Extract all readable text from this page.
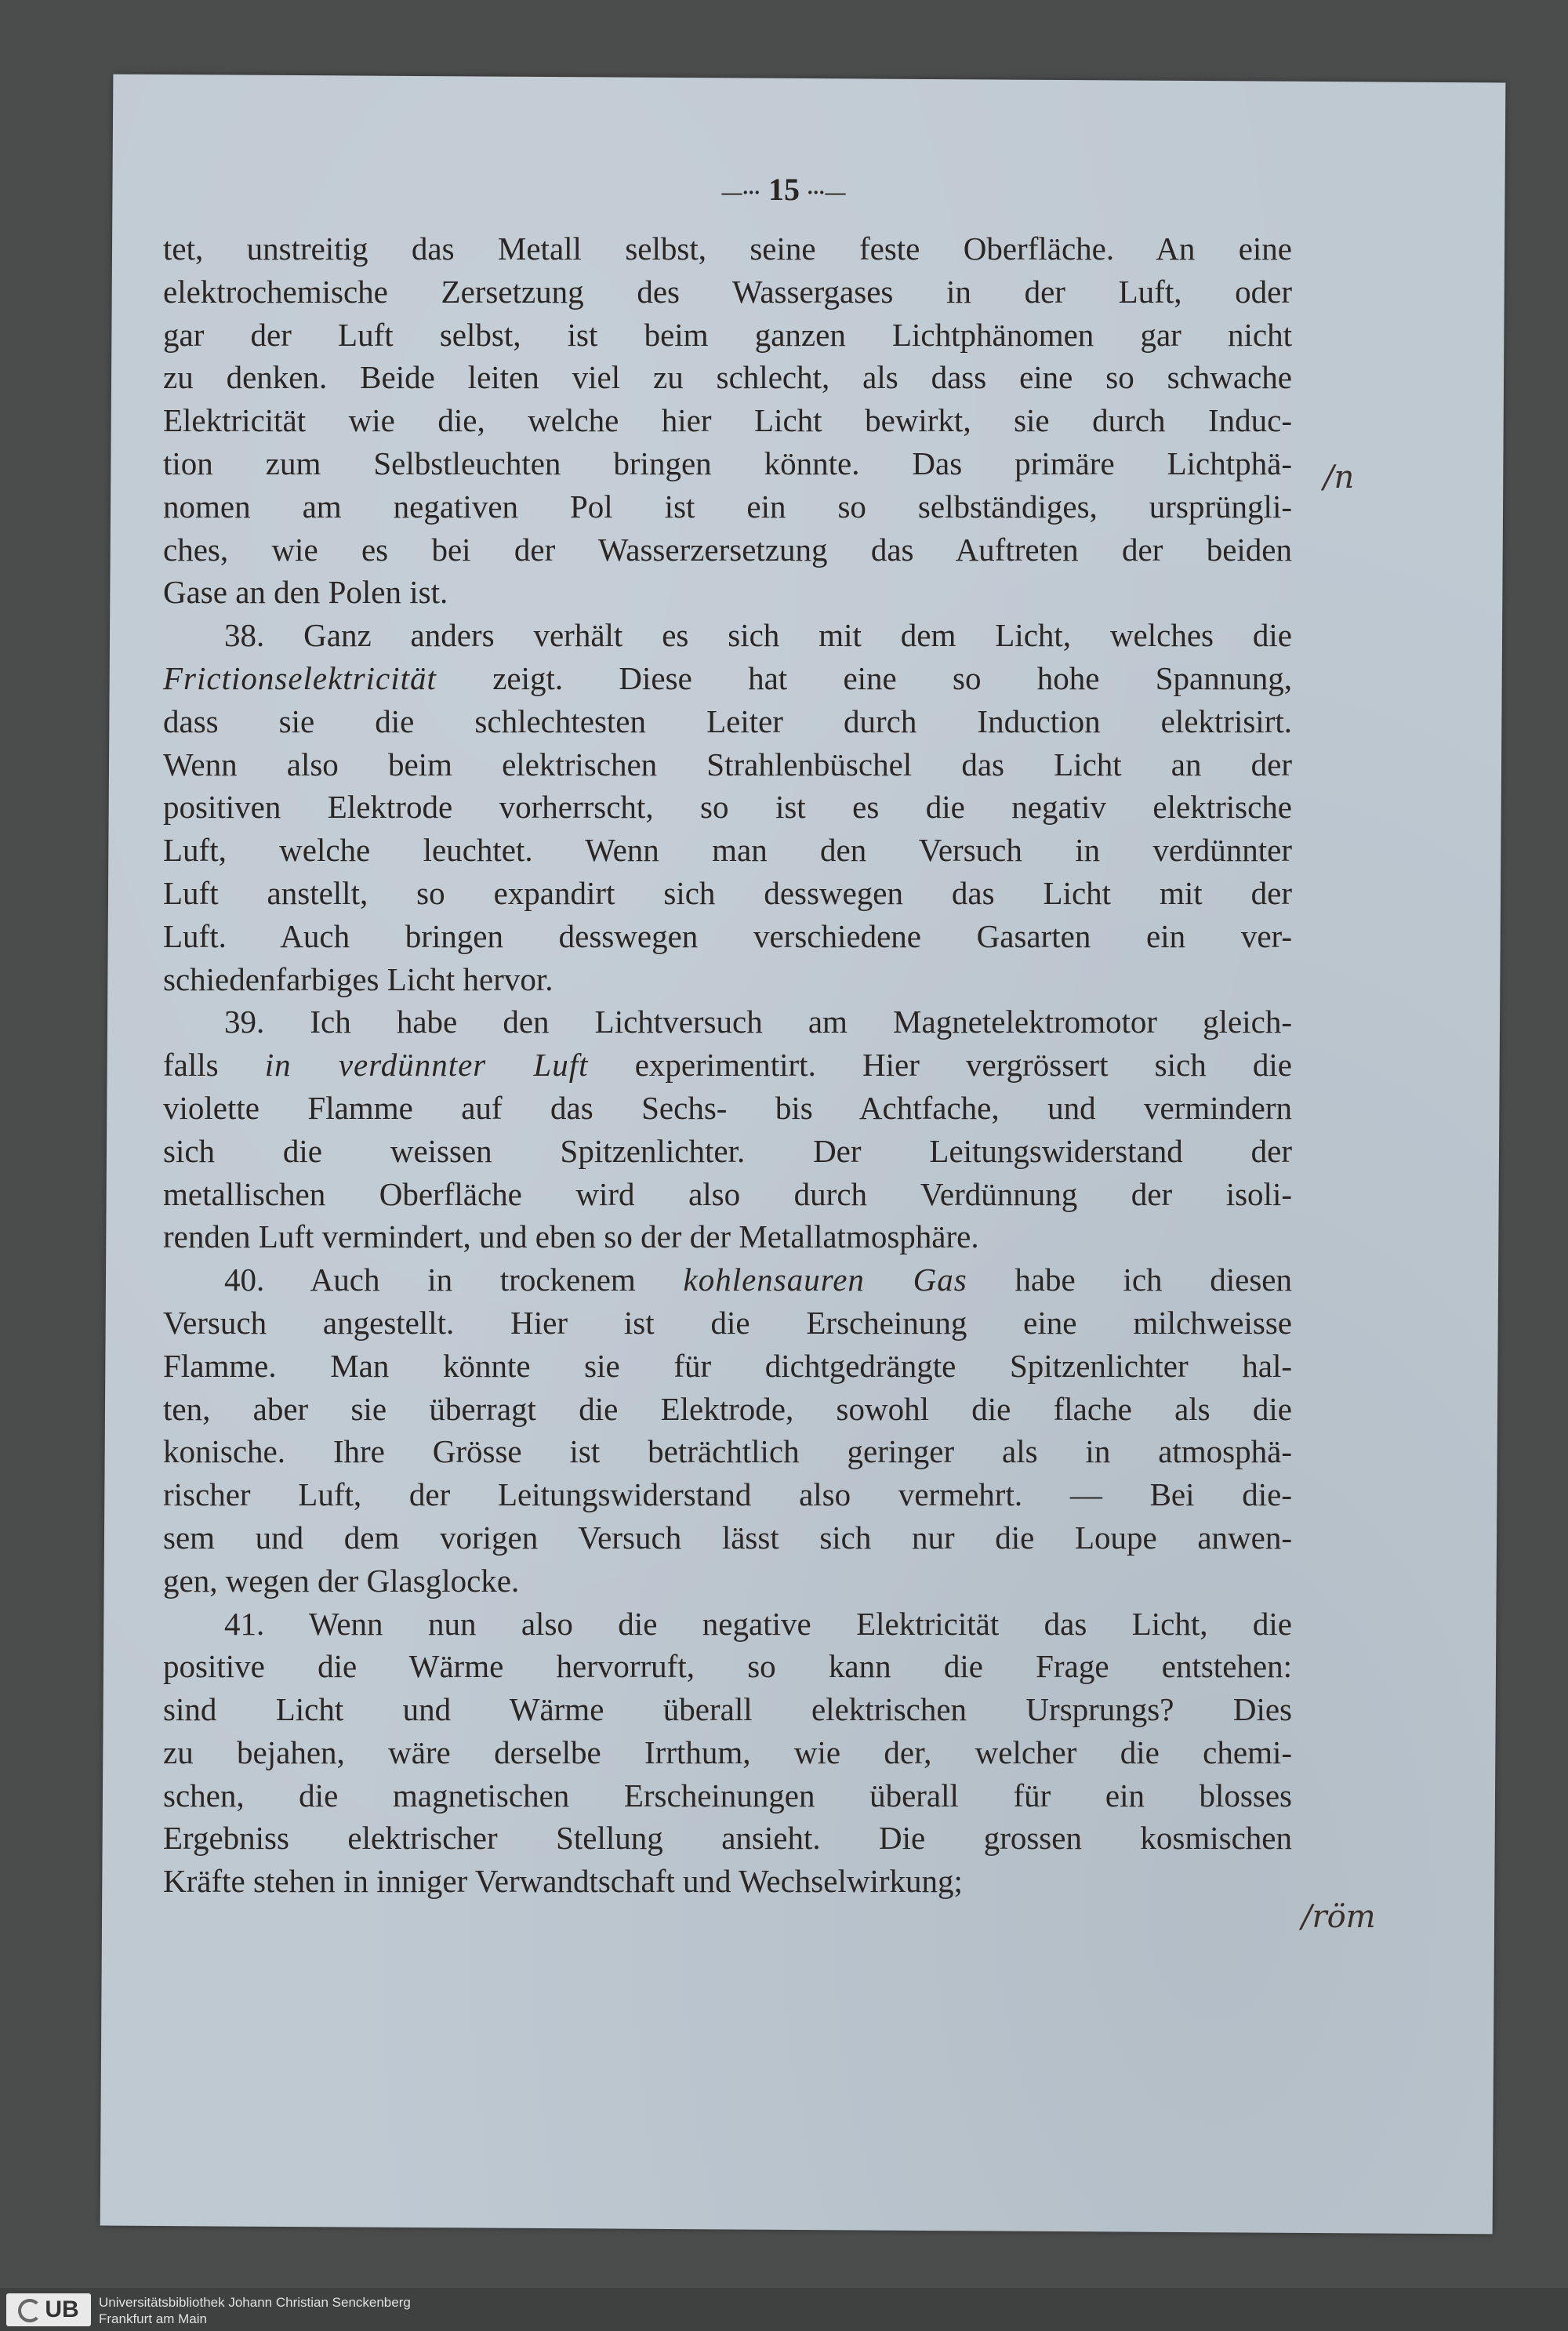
—∙∙∙ 15 ∙∙∙—
tet, unstreitig das Metall selbst, seine feste Oberfläche. An eine
elektrochemische Zersetzung des Wassergases in der Luft, oder
gar der Luft selbst, ist beim ganzen Lichtphänomen gar nicht
zu denken. Beide leiten viel zu schlecht, als dass eine so schwache
Elektricität wie die, welche hier Licht bewirkt, sie durch Induc-
tion zum Selbstleuchten bringen könnte. Das primäre Lichtphä-
nomen am negativen Pol ist ein so selbständiges, ursprüngli-
ches, wie es bei der Wasserzersetzung das Auftreten der beiden
Gase an den Polen ist.
38. Ganz anders verhält es sich mit dem Licht, welches die
Frictionselektricität zeigt. Diese hat eine so hohe Spannung,
dass sie die schlechtesten Leiter durch Induction elektrisirt.
Wenn also beim elektrischen Strahlenbüschel das Licht an der
positiven Elektrode vorherrscht, so ist es die negativ elektrische
Luft, welche leuchtet. Wenn man den Versuch in verdünnter
Luft anstellt, so expandirt sich desswegen das Licht mit der
Luft. Auch bringen desswegen verschiedene Gasarten ein ver-
schiedenfarbiges Licht hervor.
39. Ich habe den Lichtversuch am Magnetelektromotor gleich-
falls in verdünnter Luft experimentirt. Hier vergrössert sich die
violette Flamme auf das Sechs- bis Achtfache, und vermindern
sich die weissen Spitzenlichter. Der Leitungswiderstand der
metallischen Oberfläche wird also durch Verdünnung der isoli-
renden Luft vermindert, und eben so der der Metallatmosphäre.
40. Auch in trockenem kohlensauren Gas habe ich diesen
Versuch angestellt. Hier ist die Erscheinung eine milchweisse
Flamme. Man könnte sie für dichtgedrängte Spitzenlichter hal-
ten, aber sie überragt die Elektrode, sowohl die flache als die
konische. Ihre Grösse ist beträchtlich geringer als in atmosphä-
rischer Luft, der Leitungswiderstand also vermehrt. — Bei die-
sem und dem vorigen Versuch lässt sich nur die Loupe anwen-
gen, wegen der Glasglocke.
41. Wenn nun also die negative Elektricität das Licht, die
positive die Wärme hervorruft, so kann die Frage entstehen:
sind Licht und Wärme überall elektrischen Ursprungs? Dies
zu bejahen, wäre derselbe Irrthum, wie der, welcher die chemi-
schen, die magnetischen Erscheinungen überall für ein blosses
Ergebniss elektrischer Stellung ansieht. Die grossen kosmischen
Kräfte stehen in inniger Verwandtschaft und Wechselwirkung;
/n
/röm
UB	Universitätsbibliothek Johann Christian Senckenberg
Frankfurt am Main
